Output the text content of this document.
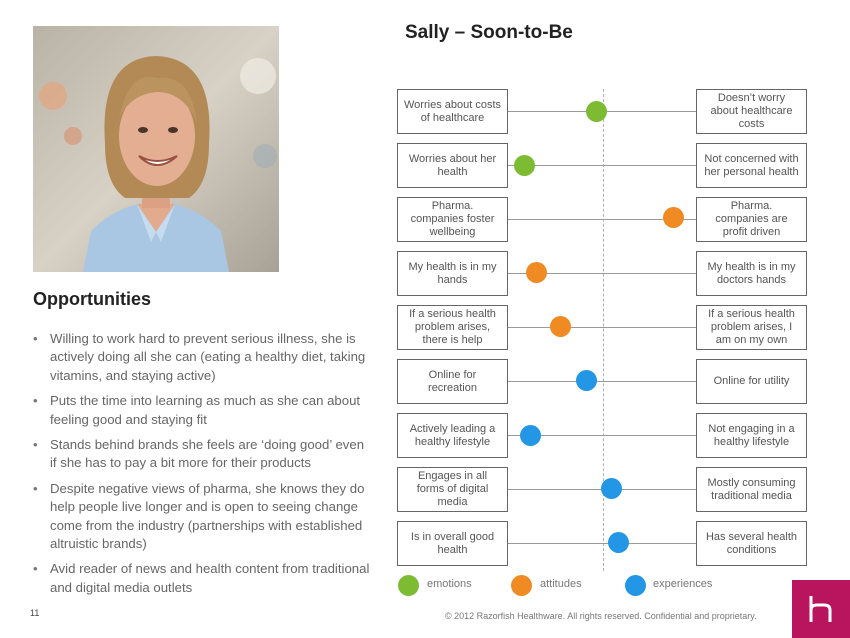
Opportunities
• Willing to work hard to prevent serious illness, she is actively doing all she can (eating a healthy diet, taking vitamins, and staying active)
• Puts the time into learning as much as she can about feeling good and staying fit
• Stands behind brands she feels are ‘doing good’ even if she has to pay a bit more for their products
• Despite negative views of pharma, she knows they do help people live longer and is open to seeing change come from the industry (partnerships with established altruistic brands)
• Avid reader of news and health content from traditional and digital media outlets
11
Sally – Soon-to-Be
Worries about costs of healthcare
Doesn’t worry about healthcare costs
Worries about her health
Not concerned with her personal health
Pharma. companies foster wellbeing
Pharma. companies are profit driven
My health is in my hands
My health is in my doctors hands
If a serious health problem arises, there is help
If a serious health problem arises, I am on my own
Online for recreation
Online for utility
Actively leading a healthy lifestyle
Not engaging in a healthy lifestyle
Engages in all forms of digital media
Mostly consuming traditional media
Is in overall good health
Has several health conditions
emotions	attitudes	experiences
© 2012 Razorfish Healthware. All rights reserved. Confidential and proprietary.
